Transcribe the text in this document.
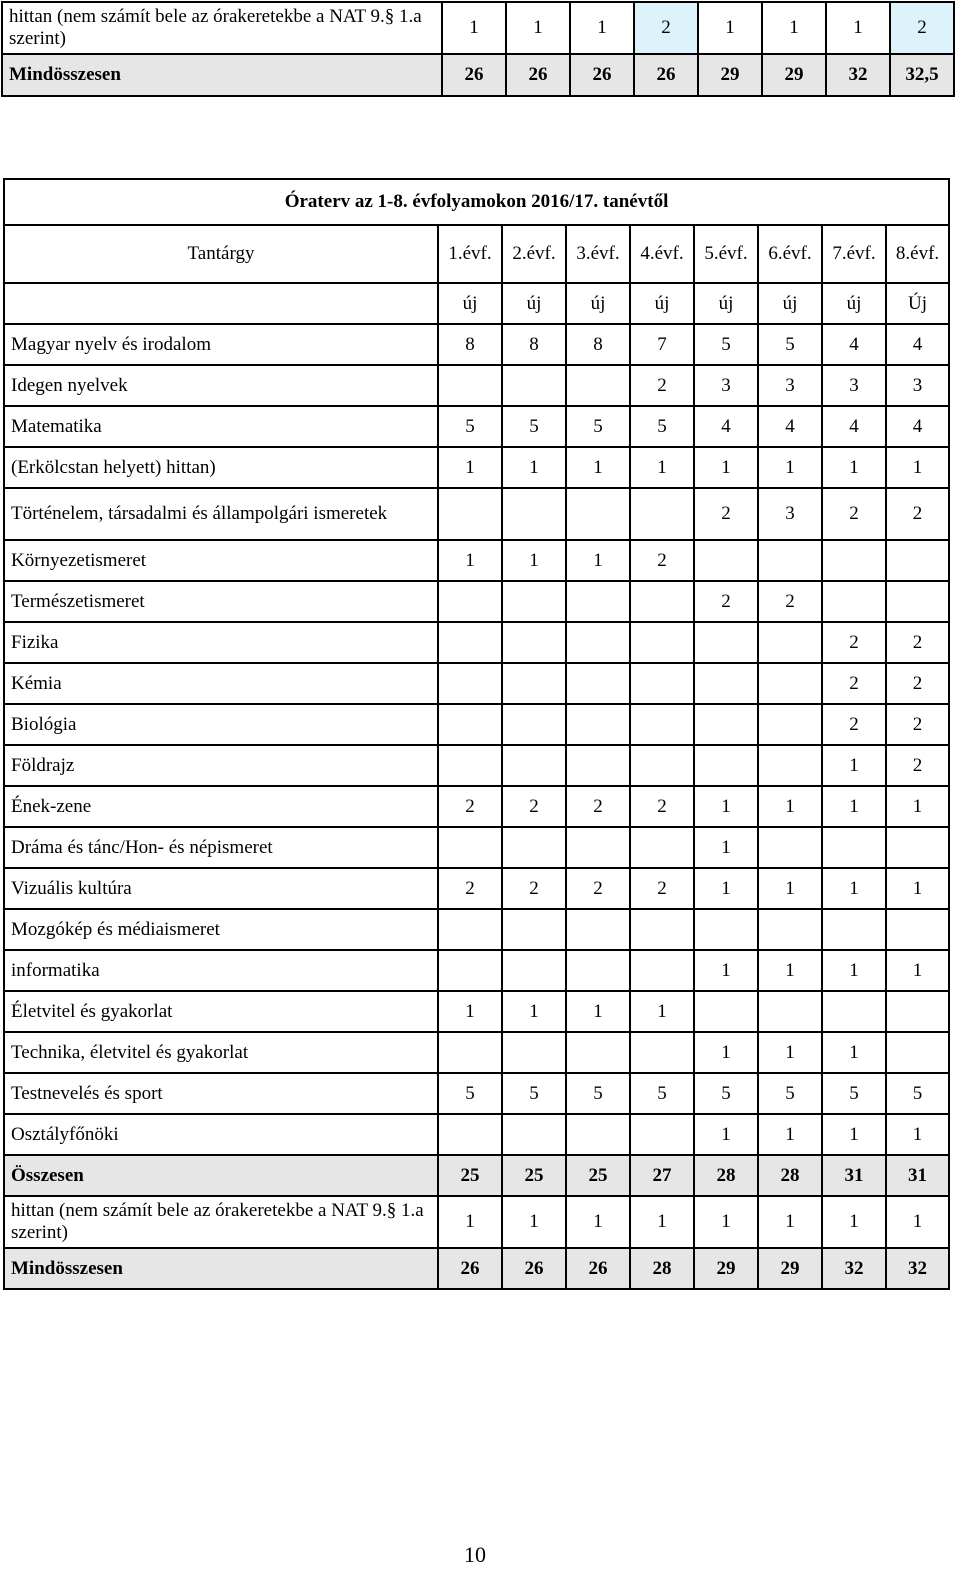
hittan (nem számít bele az órakeretekbe a NAT 9.§ 1.a szerint)	1	1	1	2	1	1	1	2
Mindösszesen	26	26	26	26	29	29	32	32,5
Óraterv az 1-8. évfolyamokon 2016/17. tanévtől								
Tantárgy	1.évf.	2.évf.	3.évf.	4.évf.	5.évf.	6.évf.	7.évf.	8.évf.
	új	új	új	új	új	új	új	Új
Magyar nyelv és irodalom	8	8	8	7	5	5	4	4
Idegen nyelvek				2	3	3	3	3
Matematika	5	5	5	5	4	4	4	4
(Erkölcstan helyett) hittan)	1	1	1	1	1	1	1	1
Történelem, társadalmi és állampolgári ismeretek					2	3	2	2
Környezetismeret	1	1	1	2				
Természetismeret					2	2		
Fizika							2	2
Kémia							2	2
Biológia							2	2
Földrajz							1	2
Ének-zene	2	2	2	2	1	1	1	1
Dráma és tánc/Hon- és népismeret					1			
Vizuális kultúra	2	2	2	2	1	1	1	1
Mozgókép és médiaismeret								
informatika					1	1	1	1
Életvitel és gyakorlat	1	1	1	1				
Technika, életvitel és gyakorlat					1	1	1	
Testnevelés és sport	5	5	5	5	5	5	5	5
Osztályfőnöki					1	1	1	1
Összesen	25	25	25	27	28	28	31	31
hittan (nem számít bele az órakeretekbe a NAT 9.§ 1.a szerint)	1	1	1	1	1	1	1	1
Mindösszesen	26	26	26	28	29	29	32	32
10
